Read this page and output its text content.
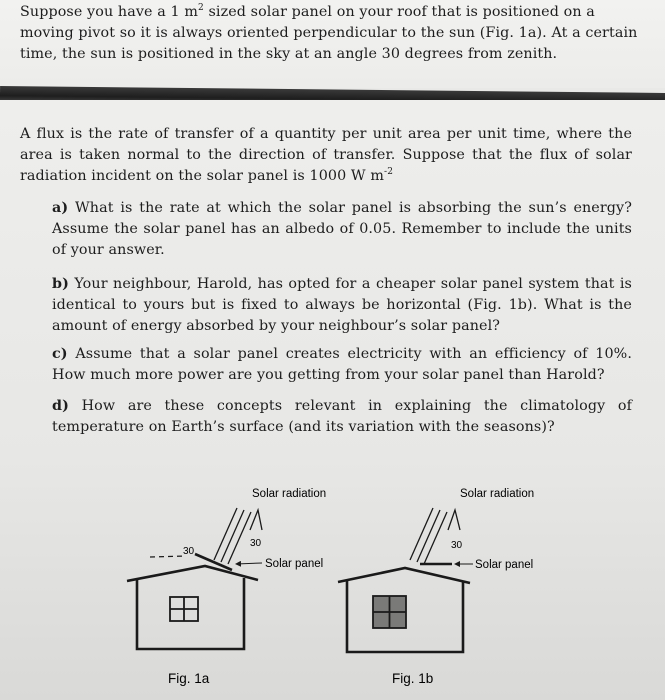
Suppose you have a 1 $m^2$ sized solar panel on your roof that is positioned on a moving pivot so it is always oriented perpendicular to the sun (Fig. 1a). At a certain time, the sun is positioned in the sky at an angle 30 degrees from zenith.

A flux is the rate of transfer of a quantity per unit area per unit time, where the area is taken normal to the direction of transfer. Suppose that the flux of solar radiation incident on the solar panel is 1000 W $m^{-2}$

a) What is the rate at which the solar panel is absorbing the sun’s energy? Assume the solar panel has an albedo of 0.05. Remember to include the units of your answer.

b) Your neighbour, Harold, has opted for a cheaper solar panel system that is identical to yours but is fixed to always be horizontal (Fig. 1b). What is the amount of energy absorbed by your neighbour’s solar panel?

c) Assume that a solar panel creates electricity with an efficiency of 10%. How much more power are you getting from your solar panel than Harold?

d) How are these concepts relevant in explaining the climatology of temperature on Earth’s surface (and its variation with the seasons)?

Solar radiation
30
30
Solar panel
Fig. 1a
Solar radiation
30
Solar panel
Fig. 1b
